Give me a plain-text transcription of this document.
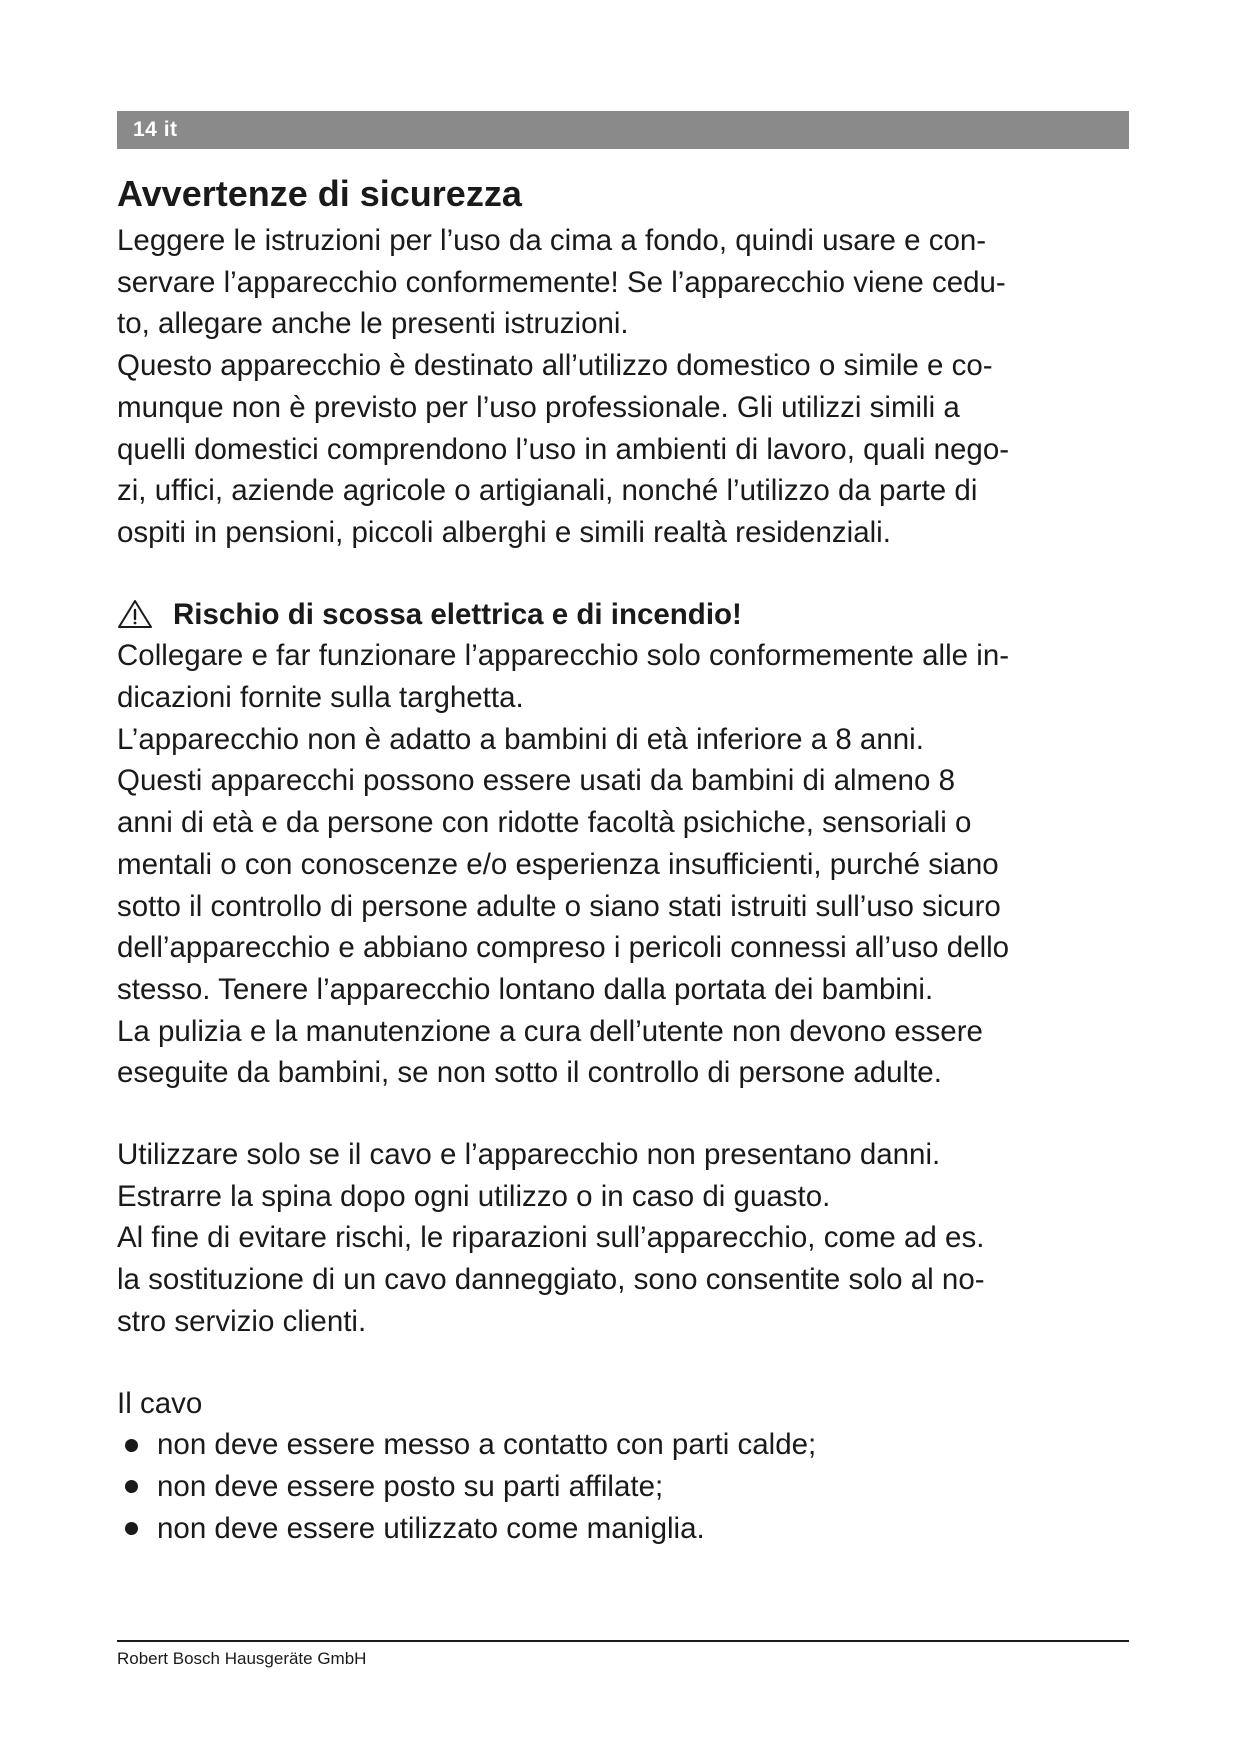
14 it
Avvertenze di sicurezza

Leggere le istruzioni per l’uso da cima a fondo, quindi usare e con-

servare l’apparecchio conformemente! Se l’apparecchio viene cedu-

to, allegare anche le presenti istruzioni.

Questo apparecchio è destinato all’utilizzo domestico o simile e co-

munque non è previsto per l’uso professionale. Gli utilizzi simili a

quelli domestici comprendono l’uso in ambienti di lavoro, quali nego-

zi, uffici, aziende agricole o artigianali, nonché l’utilizzo da parte di

ospiti in pensioni, piccoli alberghi e simili realtà residenziali.

Rischio di scossa elettrica e di incendio!

Collegare e far funzionare l’apparecchio solo conformemente alle in-

dicazioni fornite sulla targhetta.

L’apparecchio non è adatto a bambini di età inferiore a 8 anni.

Questi apparecchi possono essere usati da bambini di almeno 8

anni di età e da persone con ridotte facoltà psichiche, sensoriali o

mentali o con conoscenze e/o esperienza insufficienti, purché siano

sotto il controllo di persone adulte o siano stati istruiti sull’uso sicuro

dell’apparecchio e abbiano compreso i pericoli connessi all’uso dello

stesso. Tenere l’apparecchio lontano dalla portata dei bambini.

La pulizia e la manutenzione a cura dell’utente non devono essere

eseguite da bambini, se non sotto il controllo di persone adulte.

Utilizzare solo se il cavo e l’apparecchio non presentano danni.

Estrarre la spina dopo ogni utilizzo o in caso di guasto.

Al fine di evitare rischi, le riparazioni sull’apparecchio, come ad es.

la sostituzione di un cavo danneggiato, sono consentite solo al no-

stro servizio clienti.

Il cavo

non deve essere messo a contatto con parti calde;
non deve essere posto su parti affilate;
non deve essere utilizzato come maniglia.
Robert Bosch Hausgeräte GmbH
